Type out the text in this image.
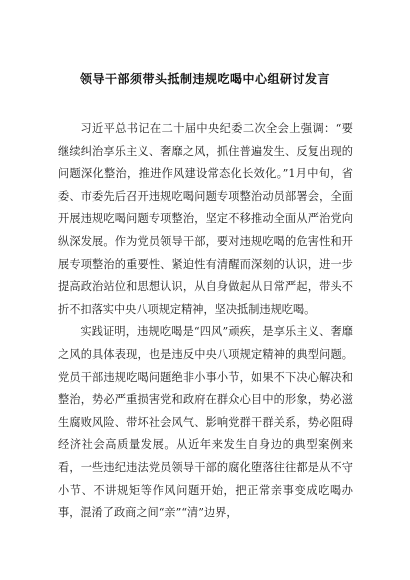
领导干部须带头抵制违规吃喝中心组研讨发言

习近平总书记在二十届中央纪委二次全会上强调：“要继续纠治享乐主义、奢靡之风，抓住普遍发生、反复出现的问题深化整治，推进作风建设常态化长效化。”1月中旬，省委、市委先后召开违规吃喝问题专项整治动员部署会，全面开展违规吃喝问题专项整治，坚定不移推动全面从严治党向纵深发展。作为党员领导干部，要对违规吃喝的危害性和开展专项整治的重要性、紧迫性有清醒而深刻的认识，进一步提高政治站位和思想认识，从自身做起从日常严起，带头不折不扣落实中央八项规定精神，坚决抵制违规吃喝。

实践证明，违规吃喝是“四风”顽疾，是享乐主义、奢靡之风的具体表现，也是违反中央八项规定精神的典型问题。党员干部违规吃喝问题绝非小事小节，如果不下决心解决和整治，势必严重损害党和政府在群众心目中的形象，势必滋生腐败风险、带坏社会风气、影响党群干群关系，势必阻碍经济社会高质量发展。从近年来发生自身边的典型案例来看，一些违纪违法党员领导干部的腐化堕落往往都是从不守小节、不讲规矩等作风问题开始，把正常亲事变成吃喝办事，混淆了政商之间“亲”“清”边界，
